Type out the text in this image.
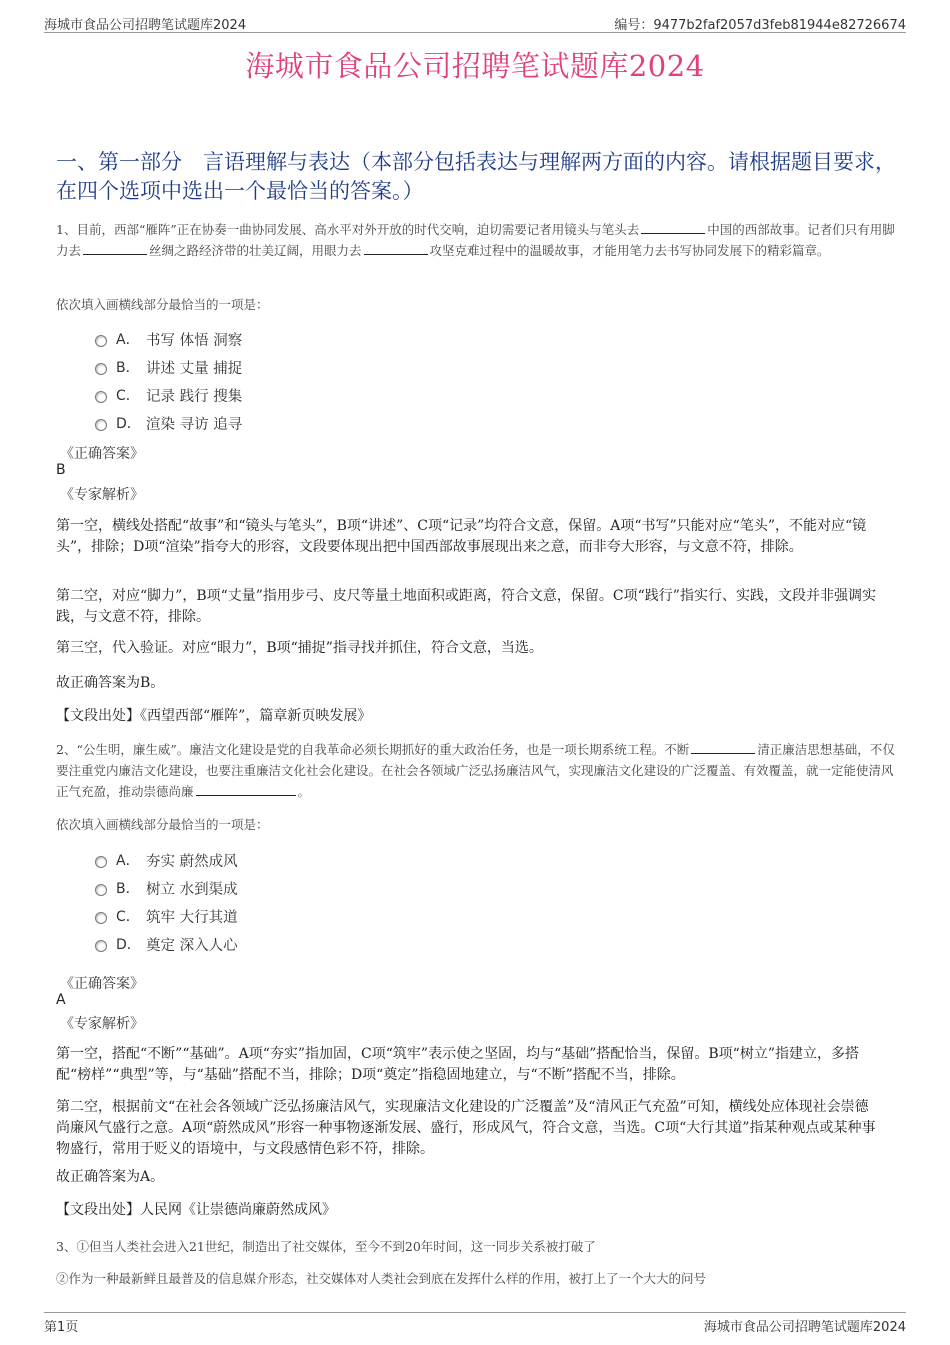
海城市食品公司招聘笔试题库2024	编号：9477b2faf2057d3feb81944e82726674
海城市食品公司招聘笔试题库2024
一、第一部分　言语理解与表达（本部分包括表达与理解两方面的内容。请根据题目要求，在四个选项中选出一个最恰当的答案。）
1、目前，西部“雁阵”正在协奏一曲协同发展、高水平对外开放的时代交响，迫切需要记者用镜头与笔头去	中国的西部故事。记者们只有用脚力去	丝绸之路经济带的壮美辽阔，用眼力去	攻坚克难过程中的温暖故事，才能用笔力去书写协同发展下的精彩篇章。
依次填入画横线部分最恰当的一项是：
A． 书写 体悟 洞察
B． 讲述 丈量 捕捉
C． 记录 践行 搜集
D． 渲染 寻访 追寻
《正确答案》
B
《专家解析》
第一空，横线处搭配“故事”和“镜头与笔头”，B项“讲述”、C项“记录”均符合文意，保留。A项“书写”只能对应“笔头”，不能对应“镜头”，排除；D项“渲染”指夸大的形容，文段要体现出把中国西部故事展现出来之意，而非夸大形容，与文意不符，排除。
第二空，对应“脚力”，B项“丈量”指用步弓、皮尺等量土地面积或距离，符合文意，保留。C项“践行”指实行、实践，文段并非强调实践，与文意不符，排除。
第三空，代入验证。对应“眼力”，B项“捕捉”指寻找并抓住，符合文意，当选。
故正确答案为B。
【文段出处】《西望西部“雁阵”，篇章新页映发展》
2、“公生明，廉生威”。廉洁文化建设是党的自我革命必须长期抓好的重大政治任务，也是一项长期系统工程。不断	清正廉洁思想基础，不仅要注重党内廉洁文化建设，也要注重廉洁文化社会化建设。在社会各领域广泛弘扬廉洁风气，实现廉洁文化建设的广泛覆盖、有效覆盖，就一定能使清风正气充盈，推动崇德尚廉	。
依次填入画横线部分最恰当的一项是：
A． 夯实 蔚然成风
B． 树立 水到渠成
C． 筑牢 大行其道
D． 奠定 深入人心
《正确答案》
A
《专家解析》
第一空，搭配“不断”“基础”。A项“夯实”指加固，C项“筑牢”表示使之坚固，均与“基础”搭配恰当，保留。B项“树立”指建立，多搭配“榜样”“典型”等，与“基础”搭配不当，排除；D项“奠定”指稳固地建立，与“不断”搭配不当，排除。
第二空，根据前文“在社会各领域广泛弘扬廉洁风气，实现廉洁文化建设的广泛覆盖”及“清风正气充盈”可知，横线处应体现社会崇德尚廉风气盛行之意。A项“蔚然成风”形容一种事物逐渐发展、盛行，形成风气，符合文意，当选。C项“大行其道”指某种观点或某种事物盛行，常用于贬义的语境中，与文段感情色彩不符，排除。
故正确答案为A。
【文段出处】人民网《让崇德尚廉蔚然成风》
3、①但当人类社会进入21世纪，制造出了社交媒体，至今不到20年时间，这一同步关系被打破了
②作为一种最新鲜且最普及的信息媒介形态，社交媒体对人类社会到底在发挥什么样的作用，被打上了一个大大的问号
第1页	海城市食品公司招聘笔试题库2024
